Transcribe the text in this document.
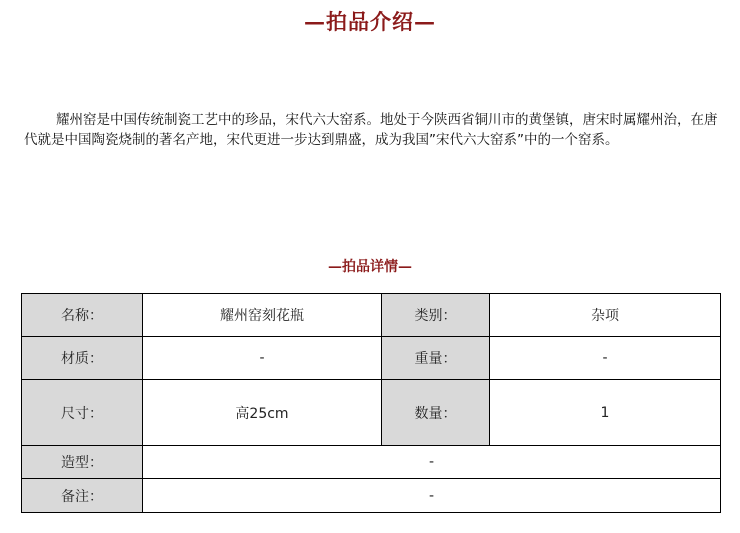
—拍品介绍—

耀州窑是中国传统制瓷工艺中的珍品，宋代六大窑系。地处于今陕西省铜川市的黄堡镇，唐宋时属耀州治，在唐代就是中国陶瓷烧制的著名产地，宋代更进一步达到鼎盛，成为我国”宋代六大窑系”中的一个窑系。

—拍品详情—
名称：	耀州窑刻花瓶	类别：	杂项
材质：	-	重量：	-
尺寸：	高25cm	数量：	1
造型：	-		
备注：	-		
